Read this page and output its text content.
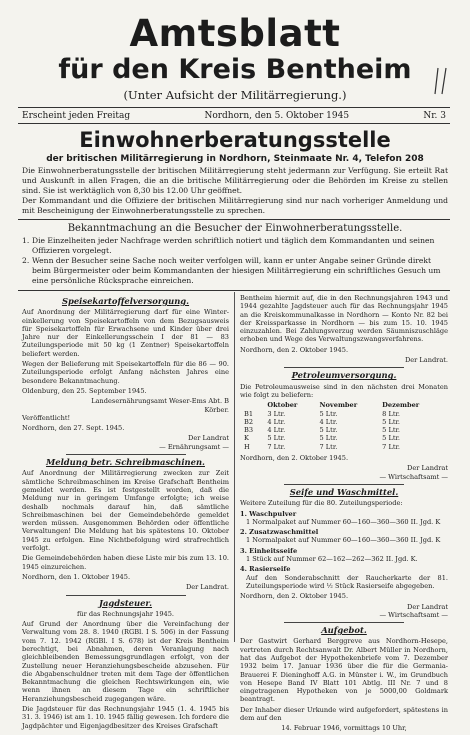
Amtsblatt
für den Kreis Bentheim
(Unter Aufsicht der Militärregierung.)
Erscheint jeden Freitag	Nordhorn, den 5. Oktober 1945	Nr. 3
Einwohnerberatungsstelle
der britischen Militärregierung in Nordhorn, Steinmaate Nr. 4, Telefon 208
Die Einwohnerberatungsstelle der britischen Militärregierung steht jedermann zur Verfügung. Sie erteilt Rat und Auskunft in allen Fragen, die an die britische Militärregierung oder die Behörden im Kreise zu stellen sind. Sie ist werktäglich von 8,30 bis 12.00 Uhr geöffnet.
Der Kommandant und die Offiziere der britischen Militärregierung sind nur nach vorheriger Anmeldung und mit Bescheinigung der Einwohnerberatungsstelle zu sprechen.
Bekanntmachung an die Besucher der Einwohnerberatungsstelle.
1. Die Einzelheiten jeder Nachfrage werden schriftlich notiert und täglich dem Kommandanten und seinen Offizieren vorgelegt.
2. Wenn der Besucher seine Sache noch weiter verfolgen will, kann er unter Angabe seiner Gründe direkt beim Bürgermeister oder beim Kommandanten der hiesigen Militärregierung ein schriftliches Gesuch um eine persönliche Rücksprache einreichen.
Speisekartoffelversorgung.
Auf Anordnung der Militärregierung darf für eine Winter-einkellerung von Speisekartoffeln von dem Bezugsausweis für Speisekartoffeln für Erwachsene und Kinder über drei Jahre nur der Einkellerungsschein I der 81 — 83 Zuteilungsperiode mit 50 kg (1 Zentner) Speisekartoffeln beliefert werden.
Wegen der Belieferung mit Speisekartoffeln für die 86 — 90. Zuteilungsperiode erfolgt Anfang nächsten Jahres eine besondere Bekanntmachung.
Oldenburg, den 25. September 1945.
Landesernährungsamt Weser-Ems Abt. B
Körber.
Veröffentlicht!
Nordhorn, den 27. Sept. 1945.
Der Landrat
— Ernährungsamt —
Meldung betr. Schreibmaschinen.
Auf Anordnung der Militärregierung zwecken zur Zeit sämtliche Schreibmaschinen im Kreise Grafschaft Bentheim gemeldet werden. Es ist festgestellt worden, daß die Meldung nur in geringem Umfange erfolgte; ich weise deshalb nochmals darauf hin, daß sämtliche Schreibmaschinen bei der Gemeindebehörde gemeldet werden müssen. Ausgenommen Behörden oder öffentliche Verwaltungen! Die Meldung hat bis spätestens 10. Oktober 1945 zu erfolgen. Eine Nichtbefolgung wird strafrechtlich verfolgt.
Die Gemeindebehörden haben diese Liste mir bis zum 13. 10. 1945 einzureichen.
Nordhorn, den 1. Oktober 1945.
Der Landrat.
Jagdsteuer.
für das Rechnungsjahr 1945.
Auf Grund der Anordnung über die Vereinfachung der Verwaltung vom 28. 8. 1940 (RGBl. I S. 506) in der Fassung vom 7. 12. 1942 (RGBl. I S. 678) ist der Kreis Bentheim berechtigt, bei Abnahmen, deren Veranlagung nach gleichbleibenden Bemessungsgrundlagen erfolgt, von der Zustellung neuer Heranziehungsbescheide abzusehen. Für die Abgabenschuldner treten mit dem Tage der öffentlichen Bekanntmachung die gleichen Rechtswirkungen ein, wie wenn ihnen an diesem Tage ein schriftlicher Heranziehungsbescheid zugegangen wäre.
Die Jagdsteuer für das Rechnungsjahr 1945 (1. 4. 1945 bis 31. 3. 1946) ist am 1. 10. 1945 fällig gewesen. Ich fordere die Jagdpächter und Eigenjagdbesitzer des Kreises Grafschaft
Bentheim hiermit auf, die in den Rechnungsjahren 1943 und 1944 gezahlte Jagdsteuer auch für das Rechnungsjahr 1945 an die Kreiskommunalkasse in Nordhorn — Konto Nr. 82 bei der Kreissparkasse in Nordhorn — bis zum 15. 10. 1945 einzuzahlen. Bei Zahlungsverzug werden Säumniszuschläge erhoben und Wege des Verwaltungszwangsverfahrens.
Nordhorn, den 2. Oktober 1945.
Der Landrat.
Petroleumversorgung.
Die Petroleumausweise sind in den nächsten drei Monaten wie folgt zu beliefern:
	Oktober	November	Dezember
B1	3 Ltr.	5 Ltr.	8 Ltr.
B2	4 Ltr.	4 Ltr.	5 Ltr.
B3	4 Ltr.	5 Ltr.	5 Ltr.
K	5 Ltr.	5 Ltr.	5 Ltr.
H	7 Ltr.	7 Ltr.	7 Ltr.
Nordhorn, den 2. Oktober 1945.
Der Landrat
— Wirtschaftsamt —
Seife und Waschmittel.
Weitere Zuteilung für die 80. Zuteilungsperiode:
1. Waschpulver
1 Normalpaket auf Nummer 60—160—360—360 II. Jgd. K
2. Zusatzwaschmittel
1 Normalpaket auf Nummer 60—160—360—360 II. Jgd. K
3. Einheitsseife
1 Stück auf Nummer 62—162—262—362 II. Jgd. K.
4. Rasierseife
Auf den Sonderabschnitt der Raucherkarte der 81. Zuteilungsperiode wird ½ Stück Rasierseife abgegeben.
Nordhorn, den 2. Oktober 1945.
Der Landrat
— Wirtschaftsamt —
Aufgebot.
Der Gastwirt Gerhard Berggreve aus Nordhorn-Hesepe, vertreten durch Rechtsanwalt Dr. Albert Müller in Nordhorn, hat das Aufgebot der Hypothekenbriefe vom 7. Dezember 1932 beim 17. Januar 1936 über die für die Germania-Brauerei F. Dieninghoff A.G. in Münster i. W., im Grundbuch von Hesepe Band IV Blatt 101 Abtlg. III Nr. 7 und 8 eingetragenen Hypotheken von je 5000,00 Goldmark beantragt.
Der Inhaber dieser Urkunde wird aufgefordert, spätestens in dem auf den
14. Februar 1946, vormittags 10 Uhr,
